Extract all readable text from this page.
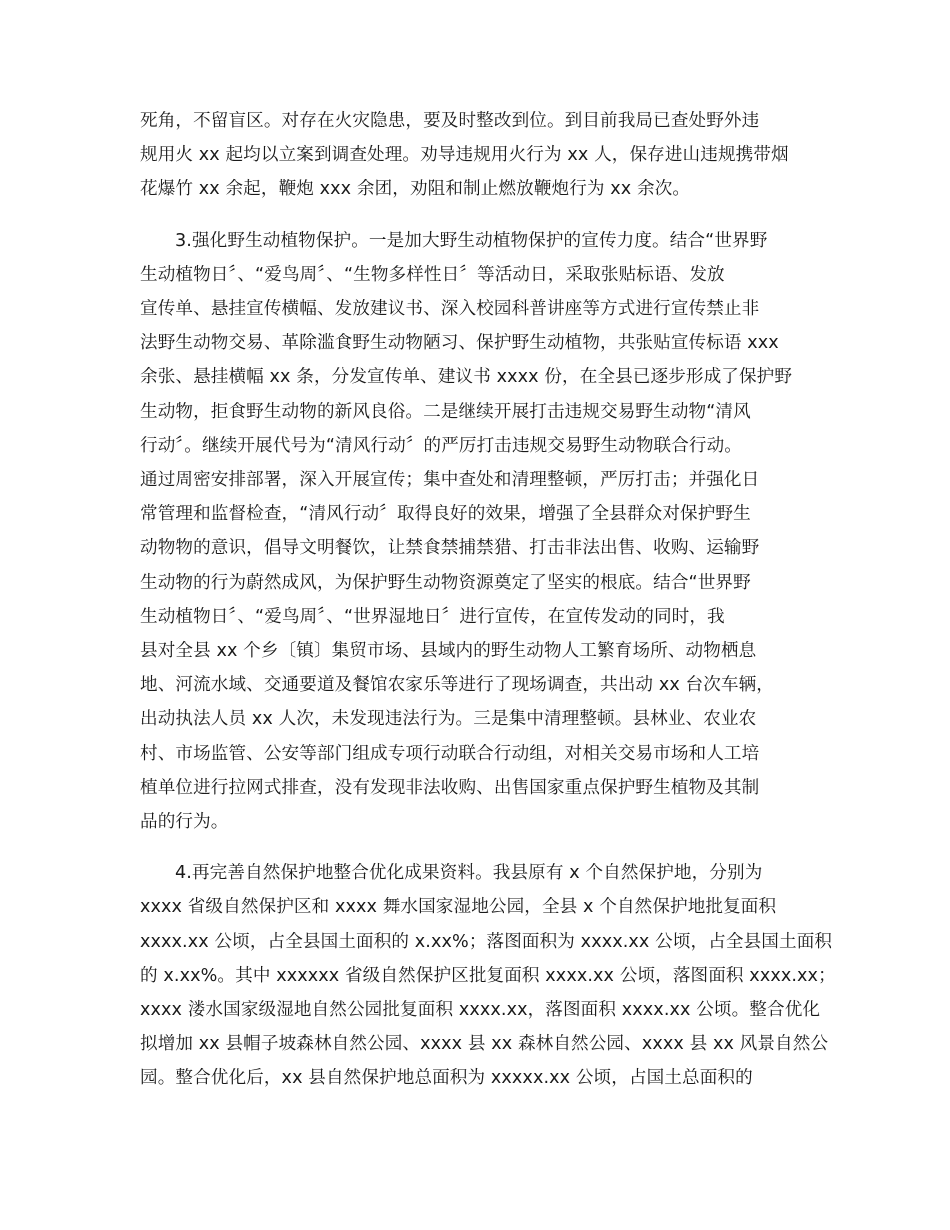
死角，不留盲区。对存在火灾隐患，要及时整改到位。到目前我局已查处野外违
规用火 xx 起均以立案到调查处理。劝导违规用火行为 xx 人，保存进山违规携带烟
花爆竹 xx 余起，鞭炮 xxx 余团，劝阻和制止燃放鞭炮行为 xx 余次。

3.强化野生动植物保护。一是加大野生动植物保护的宣传力度。结合“世界野
生动植物日〞、“爱鸟周〞、“生物多样性日〞等活动日，采取张贴标语、发放
宣传单、悬挂宣传横幅、发放建议书、深入校园科普讲座等方式进行宣传禁止非
法野生动物交易、革除滥食野生动物陋习、保护野生动植物，共张贴宣传标语 xxx
余张、悬挂横幅 xx 条，分发宣传单、建议书 xxxx 份，在全县已逐步形成了保护野
生动物，拒食野生动物的新风良俗。二是继续开展打击违规交易野生动物“清风
行动〞。继续开展代号为“清风行动〞的严厉打击违规交易野生动物联合行动。
通过周密安排部署，深入开展宣传；集中查处和清理整顿，严厉打击；并强化日
常管理和监督检查，“清风行动〞取得良好的效果，增强了全县群众对保护野生
动物物的意识，倡导文明餐饮，让禁食禁捕禁猎、打击非法出售、收购、运输野
生动物的行为蔚然成风，为保护野生动物资源奠定了坚实的根底。结合“世界野
生动植物日〞、“爱鸟周〞、“世界湿地日〞进行宣传，在宣传发动的同时，我
县对全县 xx 个乡〔镇〕集贸市场、县域内的野生动物人工繁育场所、动物栖息
地、河流水域、交通要道及餐馆农家乐等进行了现场调查，共出动 xx 台次车辆，
出动执法人员 xx 人次，未发现违法行为。三是集中清理整顿。县林业、农业农
村、市场监管、公安等部门组成专项行动联合行动组，对相关交易市场和人工培
植单位进行拉网式排查，没有发现非法收购、出售国家重点保护野生植物及其制
品的行为。

4.再完善自然保护地整合优化成果资料。我县原有 x 个自然保护地，分别为
xxxx 省级自然保护区和 xxxx 舞水国家湿地公园，全县 x 个自然保护地批复面积
xxxx.xx 公顷，占全县国土面积的 x.xx%；落图面积为 xxxx.xx 公顷，占全县国土面积
的 x.xx%。其中 xxxxxx 省级自然保护区批复面积 xxxx.xx 公顷，落图面积 xxxx.xx；
xxxx 溇水国家级湿地自然公园批复面积 xxxx.xx，落图面积 xxxx.xx 公顷。整合优化
拟增加 xx 县帽子坡森林自然公园、xxxx 县 xx 森林自然公园、xxxx 县 xx 风景自然公
园。整合优化后，xx 县自然保护地总面积为 xxxxx.xx 公顷，占国土总面积的
